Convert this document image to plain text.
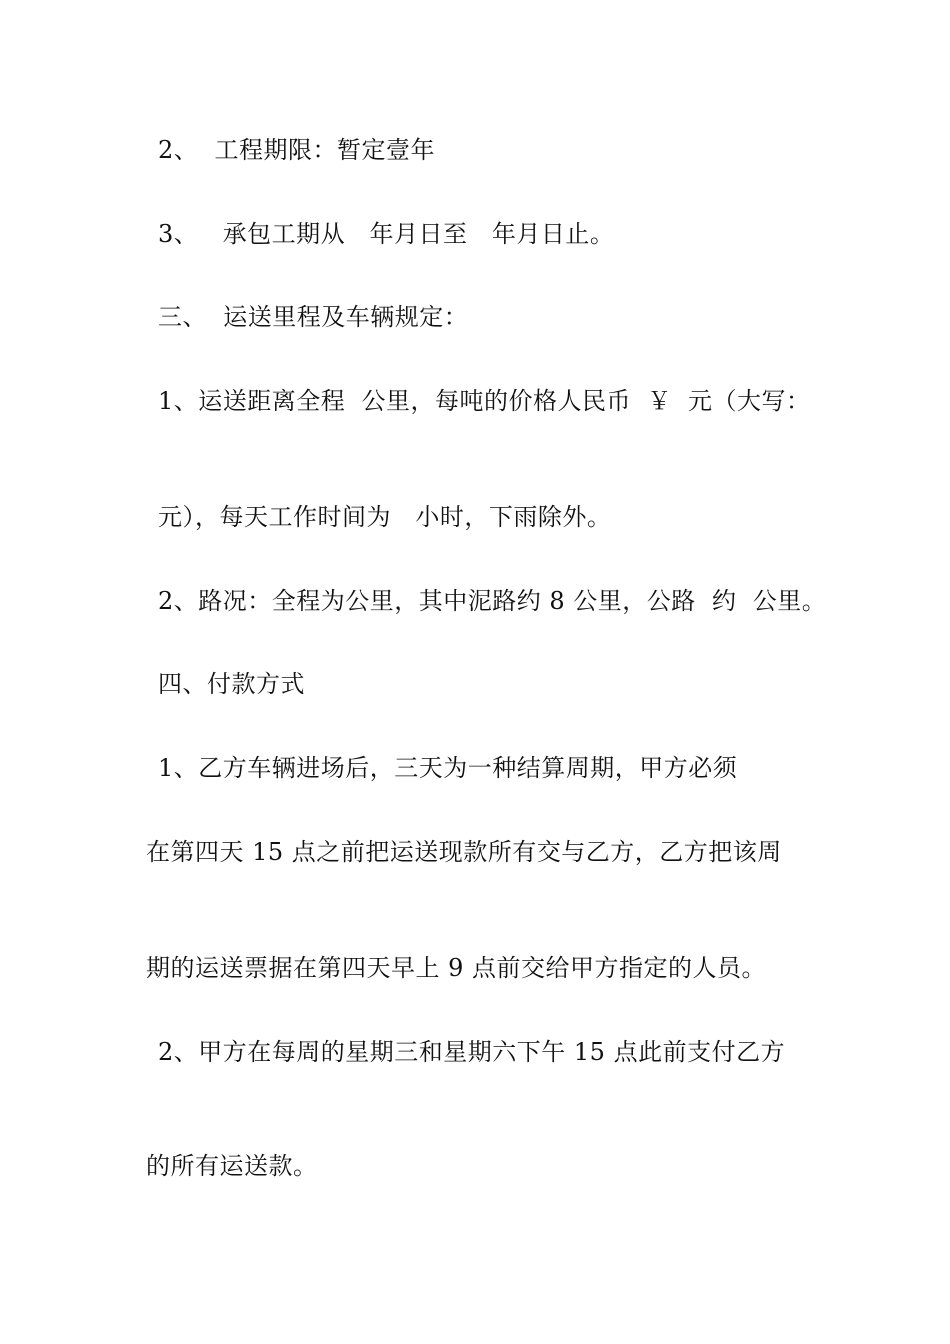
2、  工程期限：暂定壹年
3、   承包工期从   年月日至   年月日止。
三、  运送里程及车辆规定：
1、运送距离全程  公里，每吨的价格人民币  ￥  元（大写：
元），每天工作时间为   小时，下雨除外。
2、路况：全程为公里，其中泥路约 8 公里，公路  约  公里。
四、付款方式
1、乙方车辆进场后，三天为一种结算周期，甲方必须
在第四天 15 点之前把运送现款所有交与乙方，乙方把该周
期的运送票据在第四天早上 9 点前交给甲方指定的人员。
2、甲方在每周的星期三和星期六下午 15 点此前支付乙方
的所有运送款。
